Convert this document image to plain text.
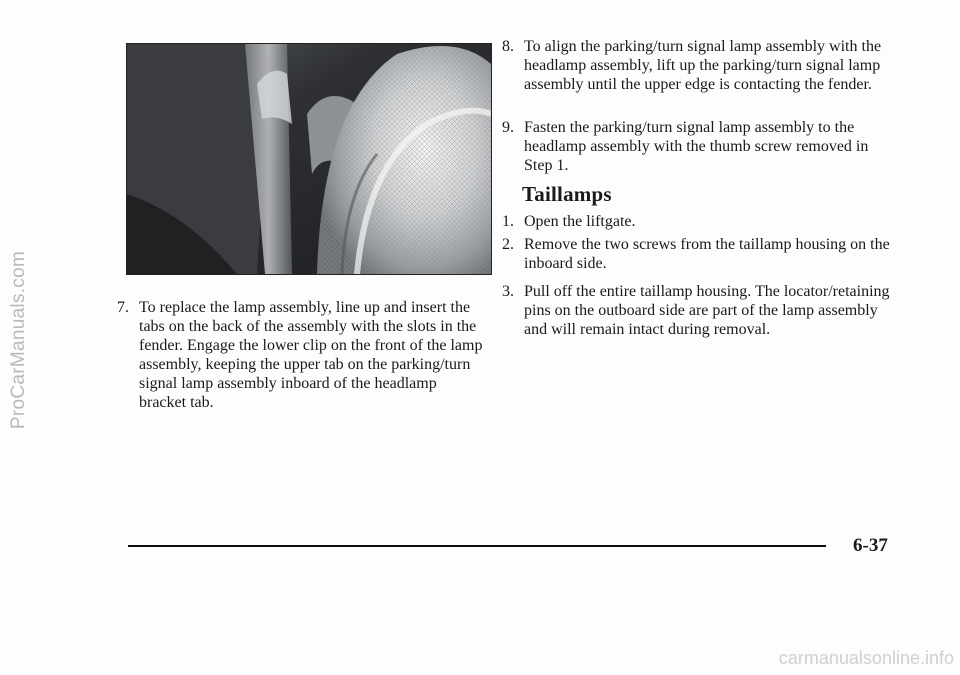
ProCarManuals.com	7. To replace the lamp assembly, line up and insert the tabs on the back of the assembly with the slots in the fender. Engage the lower clip on the front of the lamp assembly, keeping the upper tab on the parking/turn signal lamp assembly inboard of the headlamp bracket tab.
8. To align the parking/turn signal lamp assembly with the headlamp assembly, lift up the parking/turn signal lamp assembly until the upper edge is contacting the fender.
9. Fasten the parking/turn signal lamp assembly to the headlamp assembly with the thumb screw removed in Step 1.
Taillamps
1. Open the liftgate.
2. Remove the two screws from the taillamp housing on the inboard side.
3. Pull off the entire taillamp housing. The locator/retaining pins on the outboard side are part of the lamp assembly and will remain intact during removal.
6-37
carmanualsonline.info
